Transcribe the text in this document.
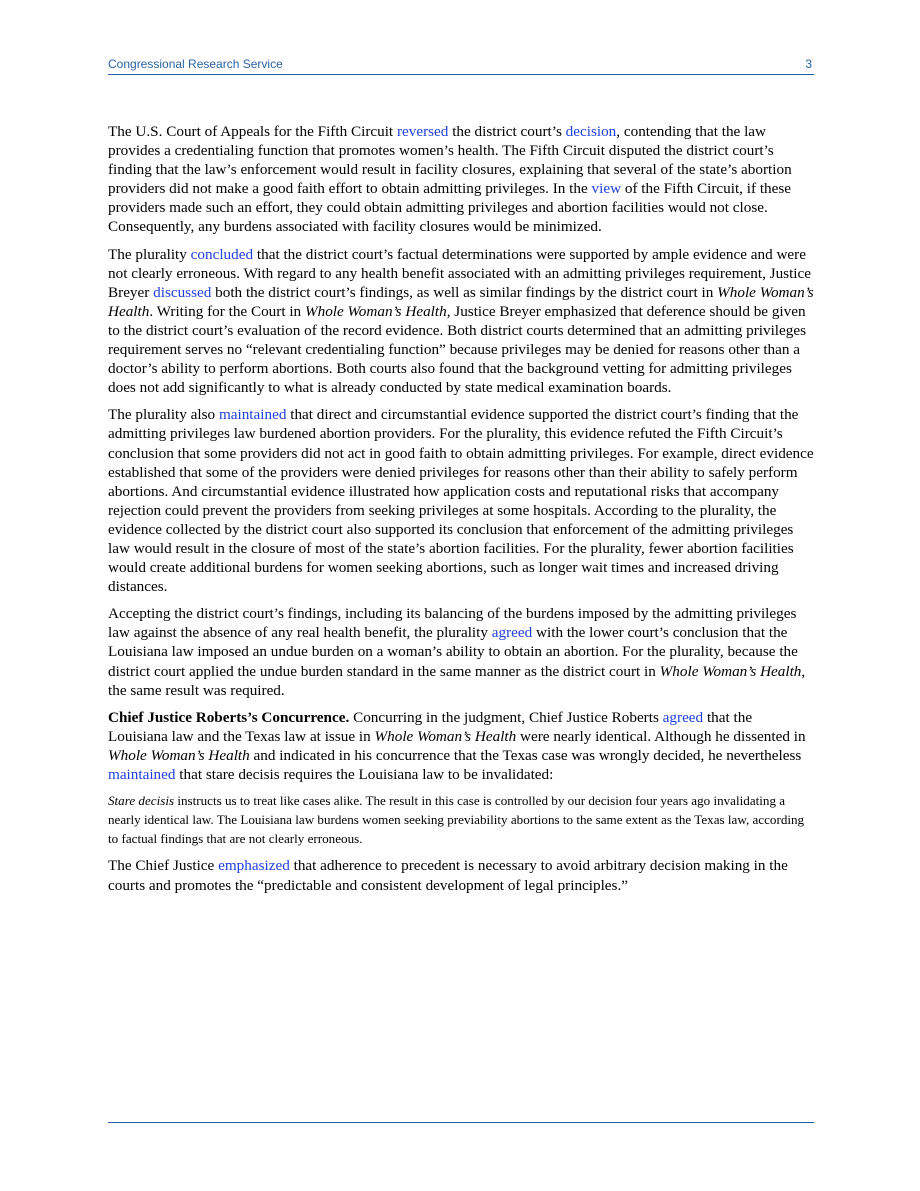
Congressional Research Service	3

The U.S. Court of Appeals for the Fifth Circuit reversed the district court’s decision, contending that the law provides a credentialing function that promotes women’s health. The Fifth Circuit disputed the district court’s finding that the law’s enforcement would result in facility closures, explaining that several of the state’s abortion providers did not make a good faith effort to obtain admitting privileges. In the view of the Fifth Circuit, if these providers made such an effort, they could obtain admitting privileges and abortion facilities would not close. Consequently, any burdens associated with facility closures would be minimized.

The plurality concluded that the district court’s factual determinations were supported by ample evidence and were not clearly erroneous. With regard to any health benefit associated with an admitting privileges requirement, Justice Breyer discussed both the district court’s findings, as well as similar findings by the district court in Whole Woman’s Health. Writing for the Court in Whole Woman’s Health, Justice Breyer emphasized that deference should be given to the district court’s evaluation of the record evidence. Both district courts determined that an admitting privileges requirement serves no “relevant credentialing function” because privileges may be denied for reasons other than a doctor’s ability to perform abortions. Both courts also found that the background vetting for admitting privileges does not add significantly to what is already conducted by state medical examination boards.

The plurality also maintained that direct and circumstantial evidence supported the district court’s finding that the admitting privileges law burdened abortion providers. For the plurality, this evidence refuted the Fifth Circuit’s conclusion that some providers did not act in good faith to obtain admitting privileges. For example, direct evidence established that some of the providers were denied privileges for reasons other than their ability to safely perform abortions. And circumstantial evidence illustrated how application costs and reputational risks that accompany rejection could prevent the providers from seeking privileges at some hospitals. According to the plurality, the evidence collected by the district court also supported its conclusion that enforcement of the admitting privileges law would result in the closure of most of the state’s abortion facilities. For the plurality, fewer abortion facilities would create additional burdens for women seeking abortions, such as longer wait times and increased driving distances.

Accepting the district court’s findings, including its balancing of the burdens imposed by the admitting privileges law against the absence of any real health benefit, the plurality agreed with the lower court’s conclusion that the Louisiana law imposed an undue burden on a woman’s ability to obtain an abortion. For the plurality, because the district court applied the undue burden standard in the same manner as the district court in Whole Woman’s Health, the same result was required.

Chief Justice Roberts’s Concurrence. Concurring in the judgment, Chief Justice Roberts agreed that the Louisiana law and the Texas law at issue in Whole Woman’s Health were nearly identical. Although he dissented in Whole Woman’s Health and indicated in his concurrence that the Texas case was wrongly decided, he nevertheless maintained that stare decisis requires the Louisiana law to be invalidated:

Stare decisis instructs us to treat like cases alike. The result in this case is controlled by our decision four years ago invalidating a nearly identical law. The Louisiana law burdens women seeking previability abortions to the same extent as the Texas law, according to factual findings that are not clearly erroneous.

The Chief Justice emphasized that adherence to precedent is necessary to avoid arbitrary decision making in the courts and promotes the “predictable and consistent development of legal principles.”
